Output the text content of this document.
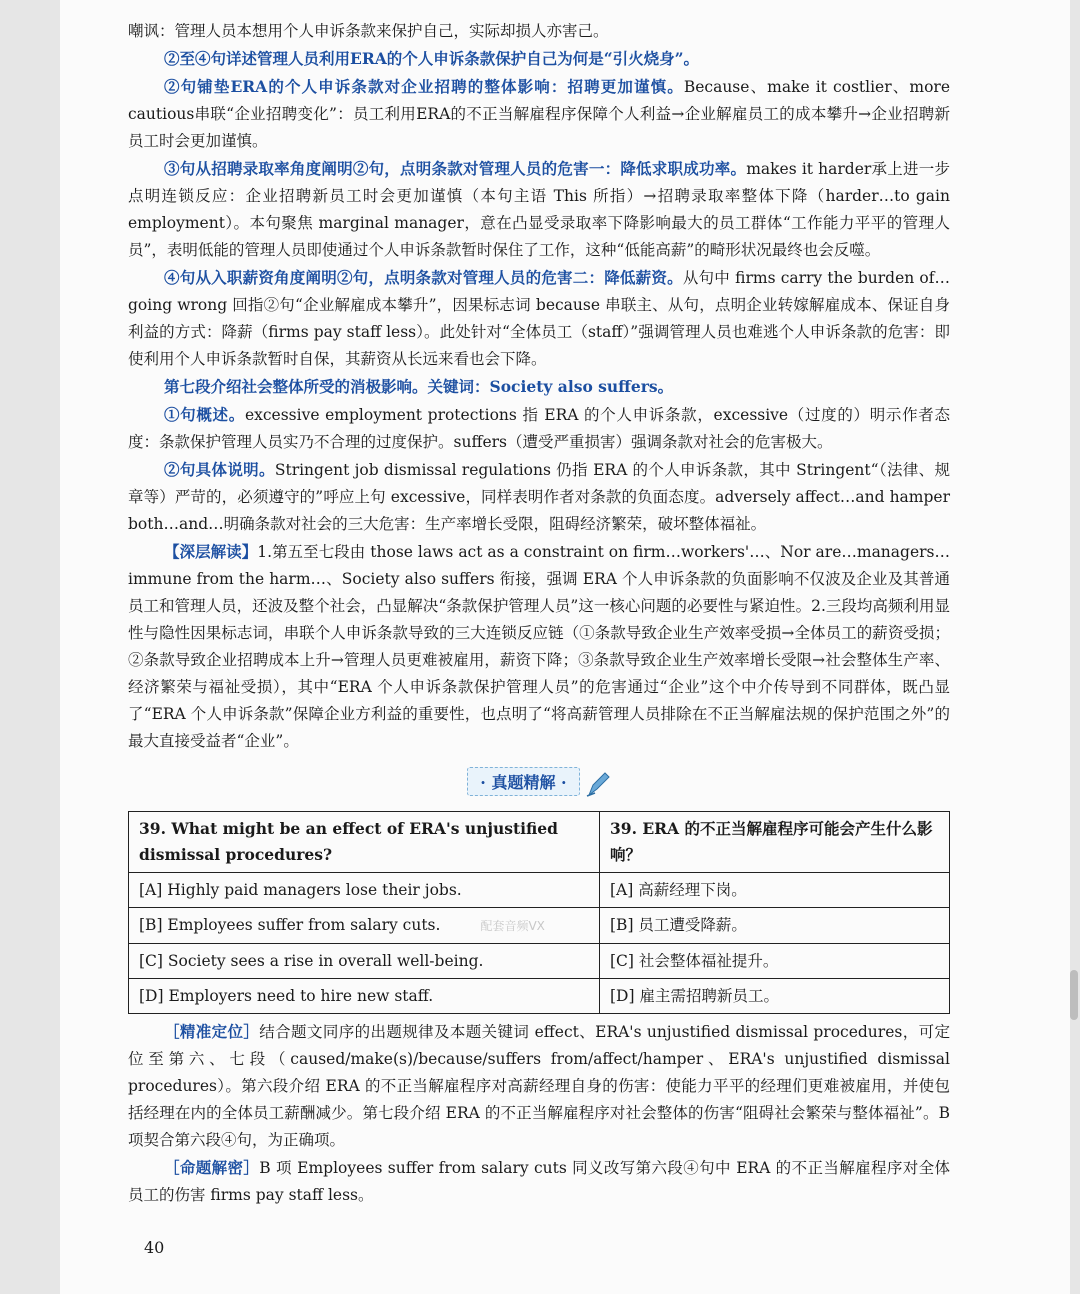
嘲讽：管理人员本想用个人申诉条款来保护自己，实际却损人亦害己。

②至④句详述管理人员利用ERA的个人申诉条款保护自己为何是“引火烧身”。

②句铺垫ERA的个人申诉条款对企业招聘的整体影响：招聘更加谨慎。Because、make it costlier、more cautious串联“企业招聘变化”：员工利用ERA的不正当解雇程序保障个人利益→企业解雇员工的成本攀升→企业招聘新员工时会更加谨慎。

③句从招聘录取率角度阐明②句，点明条款对管理人员的危害一：降低求职成功率。makes it harder承上进一步点明连锁反应：企业招聘新员工时会更加谨慎（本句主语 This 所指）→招聘录取率整体下降（harder…to gain employment）。本句聚焦 marginal manager，意在凸显受录取率下降影响最大的员工群体“工作能力平平的管理人员”，表明低能的管理人员即使通过个人申诉条款暂时保住了工作，这种“低能高薪”的畸形状况最终也会反噬。

④句从入职薪资角度阐明②句，点明条款对管理人员的危害二：降低薪资。从句中 firms carry the burden of…going wrong 回指②句“企业解雇成本攀升”，因果标志词 because 串联主、从句，点明企业转嫁解雇成本、保证自身利益的方式：降薪（firms pay staff less）。此处针对“全体员工（staff）”强调管理人员也难逃个人申诉条款的危害：即使利用个人申诉条款暂时自保，其薪资从长远来看也会下降。

第七段介绍社会整体所受的消极影响。关键词：Society also suffers。

①句概述。excessive employment protections 指 ERA 的个人申诉条款，excessive（过度的）明示作者态度：条款保护管理人员实乃不合理的过度保护。suffers（遭受严重损害）强调条款对社会的危害极大。

②句具体说明。Stringent job dismissal regulations 仍指 ERA 的个人申诉条款，其中 Stringent“（法律、规章等）严苛的，必须遵守的”呼应上句 excessive，同样表明作者对条款的负面态度。adversely affect…and hamper both…and…明确条款对社会的三大危害：生产率增长受限，阻碍经济繁荣，破坏整体福祉。

【深层解读】1.第五至七段由 those laws act as a constraint on firm…workers'…、Nor are…managers…immune from the harm…、Society also suffers 衔接，强调 ERA 个人申诉条款的负面影响不仅波及企业及其普通员工和管理人员，还波及整个社会，凸显解决“条款保护管理人员”这一核心问题的必要性与紧迫性。2.三段均高频利用显性与隐性因果标志词，串联个人申诉条款导致的三大连锁反应链（①条款导致企业生产效率受损→全体员工的薪资受损；②条款导致企业招聘成本上升→管理人员更难被雇用，薪资下降；③条款导致企业生产效率增长受限→社会整体生产率、经济繁荣与福祉受损），其中“ERA 个人申诉条款保护管理人员”的危害通过“企业”这个中介传导到不同群体，既凸显了“ERA 个人申诉条款”保障企业方利益的重要性，也点明了“将高薪管理人员排除在不正当解雇法规的保护范围之外”的最大直接受益者“企业”。

· 真题精解 ·
39. What might be an effect of ERA's unjustified dismissal procedures?	39. ERA 的不正当解雇程序可能会产生什么影响？
[A] Highly paid managers lose their jobs.	[A] 高薪经理下岗。
[B] Employees suffer from salary cuts. 配套音频VX	[B] 员工遭受降薪。
[C] Society sees a rise in overall well-being.	[C] 社会整体福祉提升。
[D] Employers need to hire new staff.	[D] 雇主需招聘新员工。

［精准定位］结合题文同序的出题规律及本题关键词 effect、ERA's unjustified dismissal procedures，可定位至第六、七段（caused/make(s)/because/suffers from/affect/hamper、ERA's unjustified dismissal procedures）。第六段介绍 ERA 的不正当解雇程序对高薪经理自身的伤害：使能力平平的经理们更难被雇用，并使包括经理在内的全体员工薪酬减少。第七段介绍 ERA 的不正当解雇程序对社会整体的伤害“阻碍社会繁荣与整体福祉”。B 项契合第六段④句，为正确项。

［命题解密］B 项 Employees suffer from salary cuts 同义改写第六段④句中 ERA 的不正当解雇程序对全体员工的伤害 firms pay staff less。

40
